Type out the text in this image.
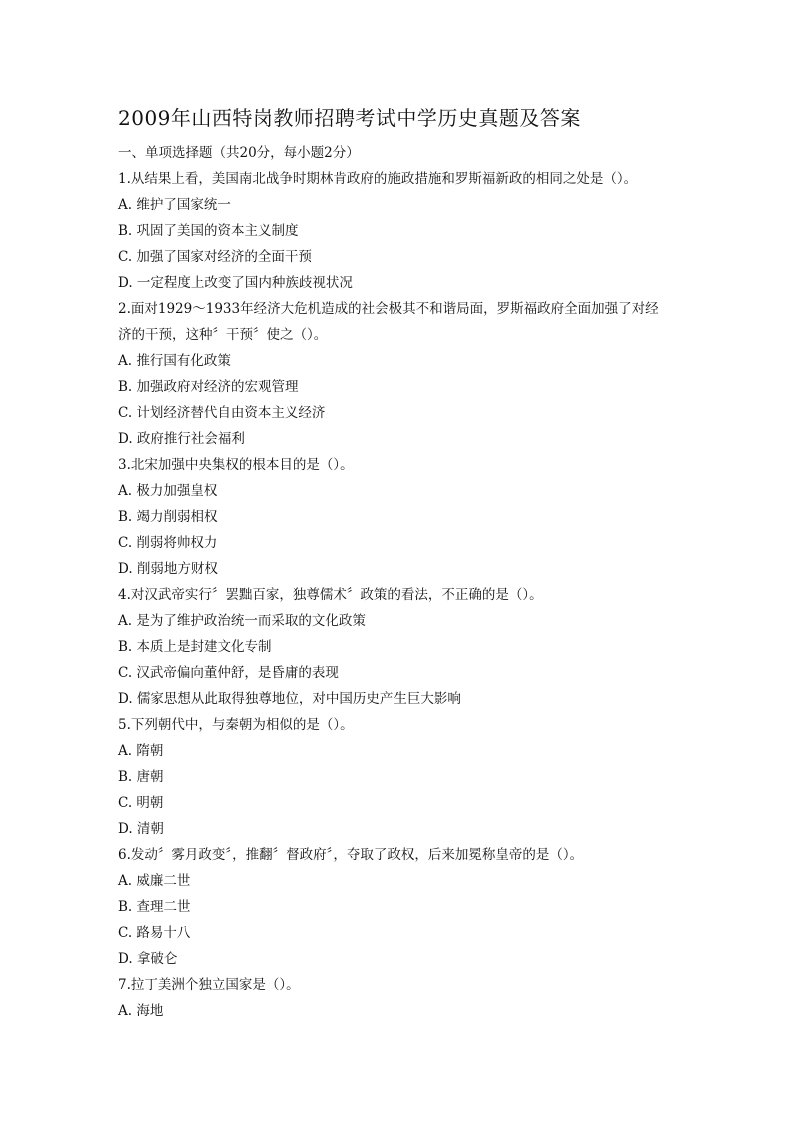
2009年山西特岗教师招聘考试中学历史真题及答案
一、单项选择题（共20分，每小题2分）
1.从结果上看，美国南北战争时期林肯政府的施政措施和罗斯福新政的相同之处是（）。
A. 维护了国家统一
B. 巩固了美国的资本主义制度
C. 加强了国家对经济的全面干预
D. 一定程度上改变了国内种族歧视状况
2.面对1929～1933年经济大危机造成的社会极其不和谐局面，罗斯福政府全面加强了对经
济的干预，这种〞干预〞使之（）。
A. 推行国有化政策
B. 加强政府对经济的宏观管理
C. 计划经济替代自由资本主义经济
D. 政府推行社会福利
3.北宋加强中央集权的根本目的是（）。
A. 极力加强皇权
B. 竭力削弱相权
C. 削弱将帅权力
D. 削弱地方财权
4.对汉武帝实行〞罢黜百家，独尊儒术〞政策的看法，不正确的是（）。
A. 是为了维护政治统一而采取的文化政策
B. 本质上是封建文化专制
C. 汉武帝偏向董仲舒，是昏庸的表现
D. 儒家思想从此取得独尊地位，对中国历史产生巨大影响
5.下列朝代中，与秦朝为相似的是（）。
A. 隋朝
B. 唐朝
C. 明朝
D. 清朝
6.发动〞雾月政变〞，推翻〞督政府〞，夺取了政权，后来加冕称皇帝的是（）。
A. 威廉二世
B. 查理二世
C. 路易十八
D. 拿破仑
7.拉丁美洲个独立国家是（）。
A. 海地
